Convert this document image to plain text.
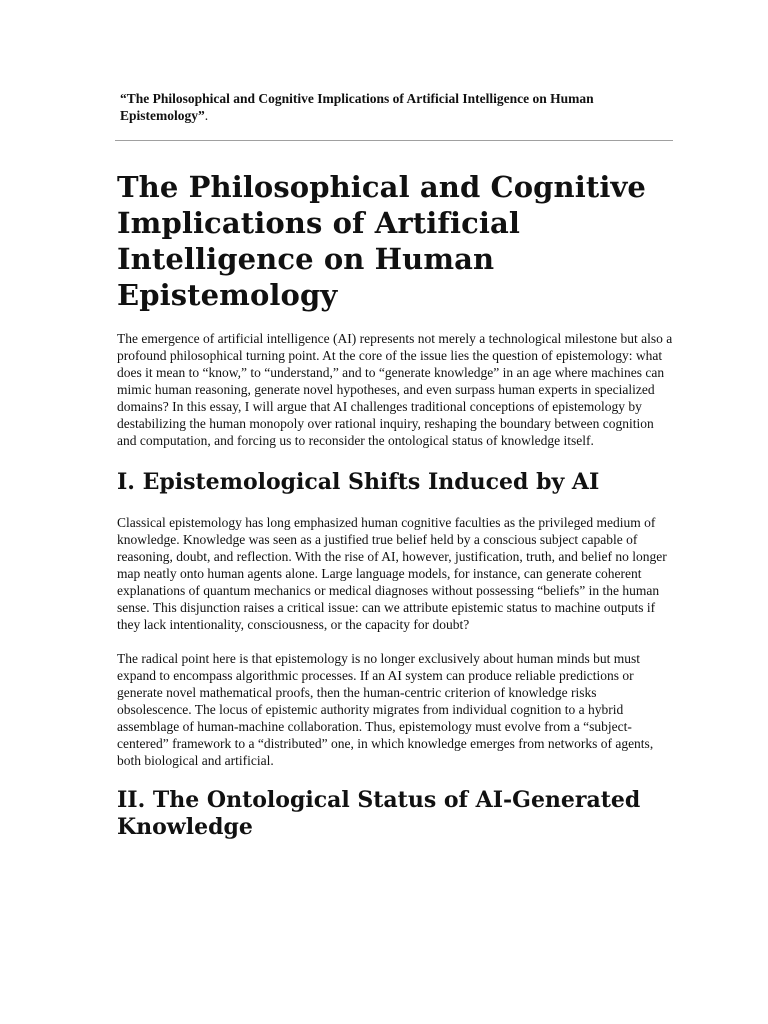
“The Philosophical and Cognitive Implications of Artificial Intelligence on Human Epistemology”.
The Philosophical and Cognitive Implications of Artificial Intelligence on Human Epistemology

The emergence of artificial intelligence (AI) represents not merely a technological milestone but also a profound philosophical turning point. At the core of the issue lies the question of epistemology: what does it mean to “know,” to “understand,” and to “generate knowledge” in an age where machines can mimic human reasoning, generate novel hypotheses, and even surpass human experts in specialized domains? In this essay, I will argue that AI challenges traditional conceptions of epistemology by destabilizing the human monopoly over rational inquiry, reshaping the boundary between cognition and computation, and forcing us to reconsider the ontological status of knowledge itself.

I. Epistemological Shifts Induced by AI

Classical epistemology has long emphasized human cognitive faculties as the privileged medium of knowledge. Knowledge was seen as a justified true belief held by a conscious subject capable of reasoning, doubt, and reflection. With the rise of AI, however, justification, truth, and belief no longer map neatly onto human agents alone. Large language models, for instance, can generate coherent explanations of quantum mechanics or medical diagnoses without possessing “beliefs” in the human sense. This disjunction raises a critical issue: can we attribute epistemic status to machine outputs if they lack intentionality, consciousness, or the capacity for doubt?

The radical point here is that epistemology is no longer exclusively about human minds but must expand to encompass algorithmic processes. If an AI system can produce reliable predictions or generate novel mathematical proofs, then the human-centric criterion of knowledge risks obsolescence. The locus of epistemic authority migrates from individual cognition to a hybrid assemblage of human-machine collaboration. Thus, epistemology must evolve from a “subject-centered” framework to a “distributed” one, in which knowledge emerges from networks of agents, both biological and artificial.

II. The Ontological Status of AI-Generated Knowledge
